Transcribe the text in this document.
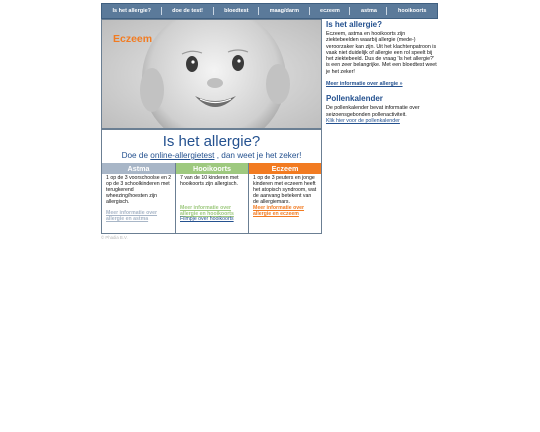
Is het allergie?	doe de test!	bloedtest	maag/darm	eczeem	astma	hooikoorts
Eczeem
Is het allergie?

Eczeem, astma en hooikoorts zijn ziektebeelden waarbij allergie (mede-) veroorzaker kan zijn. Uit het klachtenpatroon is vaak niet duidelijk of allergie een rol speelt bij het ziektebeeld. Dus de vraag 'Is het allergie?' is een zeer belangrijke. Met een bloedtest weet je het zeker!

Meer informatie over allergie »
Pollenkalender

De pollenkalender bevat informatie over seizoensgebonden pollenactiviteit.

Klik hier voor de pollenkalender
Is het allergie?
Doe de online-allergietest , dan weet je het zeker!
Astma
1 op de 3 voorschoolse en 2 op de 3 schoolkinderen met terugkerend wheezing/hoesten zijn allergisch.
Meer informatie over allergie en astma
Hooikoorts
7 van de 10 kinderen met hooikoorts zijn allergisch.
Meer informatie over allergie en hooikoorts
Filmpje over hooikoorts
Eczeem
1 op de 3 peuters en jonge kinderen met eczeem heeft het atopisch syndroom, wat de aanvang betekent van de allergiemars.
Meer informatie over allergie en eczeem
© Phadia B.V.
